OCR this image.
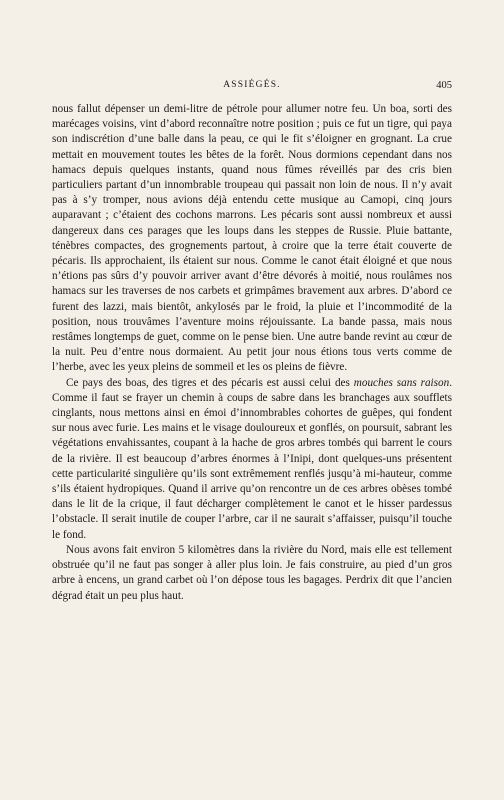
ASSIÉGÉS.	405

nous fallut dépenser un demi-litre de pétrole pour allumer notre feu. Un boa, sorti des marécages voisins, vint d’abord reconnaître notre position ; puis ce fut un tigre, qui paya son indiscrétion d’une balle dans la peau, ce qui le fit s’éloigner en grognant. La crue mettait en mouvement toutes les bêtes de la forêt. Nous dormions cependant dans nos hamacs depuis quelques instants, quand nous fûmes réveillés par des cris bien particuliers partant d’un innombrable troupeau qui passait non loin de nous. Il n’y avait pas à s’y tromper, nous avions déjà entendu cette musique au Camopi, cinq jours auparavant ; c’étaient des cochons marrons. Les pécaris sont aussi nombreux et aussi dangereux dans ces parages que les loups dans les steppes de Russie. Pluie battante, ténèbres compactes, des grognements partout, à croire que la terre était couverte de pécaris. Ils approchaient, ils étaient sur nous. Comme le canot était éloigné et que nous n’étions pas sûrs d’y pouvoir arriver avant d’être dévorés à moitié, nous roulâmes nos hamacs sur les traverses de nos carbets et grimpâmes bravement aux arbres. D’abord ce furent des lazzi, mais bientôt, ankylosés par le froid, la pluie et l’incommodité de la position, nous trouvâmes l’aventure moins réjouissante. La bande passa, mais nous restâmes longtemps de guet, comme on le pense bien. Une autre bande revint au cœur de la nuit. Peu d’entre nous dormaient. Au petit jour nous étions tous verts comme de l’herbe, avec les yeux pleins de sommeil et les os pleins de fièvre.

Ce pays des boas, des tigres et des pécaris est aussi celui des mouches sans raison. Comme il faut se frayer un chemin à coups de sabre dans les branchages aux soufflets cinglants, nous mettons ainsi en émoi d’innombrables cohortes de guêpes, qui fondent sur nous avec furie. Les mains et le visage douloureux et gonflés, on poursuit, sabrant les végétations envahissantes, coupant à la hache de gros arbres tombés qui barrent le cours de la rivière. Il est beaucoup d’arbres énormes à l’Inipi, dont quelques-uns présentent cette particularité singulière qu’ils sont extrêmement renflés jusqu’à mi-hauteur, comme s’ils étaient hydropiques. Quand il arrive qu’on rencontre un de ces arbres obèses tombé dans le lit de la crique, il faut décharger complètement le canot et le hisser pardessus l’obstacle. Il serait inutile de couper l’arbre, car il ne saurait s’affaisser, puisqu’il touche le fond.

Nous avons fait environ 5 kilomètres dans la rivière du Nord, mais elle est tellement obstruée qu’il ne faut pas songer à aller plus loin. Je fais construire, au pied d’un gros arbre à encens, un grand carbet où l’on dépose tous les bagages. Perdrix dit que l’ancien dégrad était un peu plus haut.
